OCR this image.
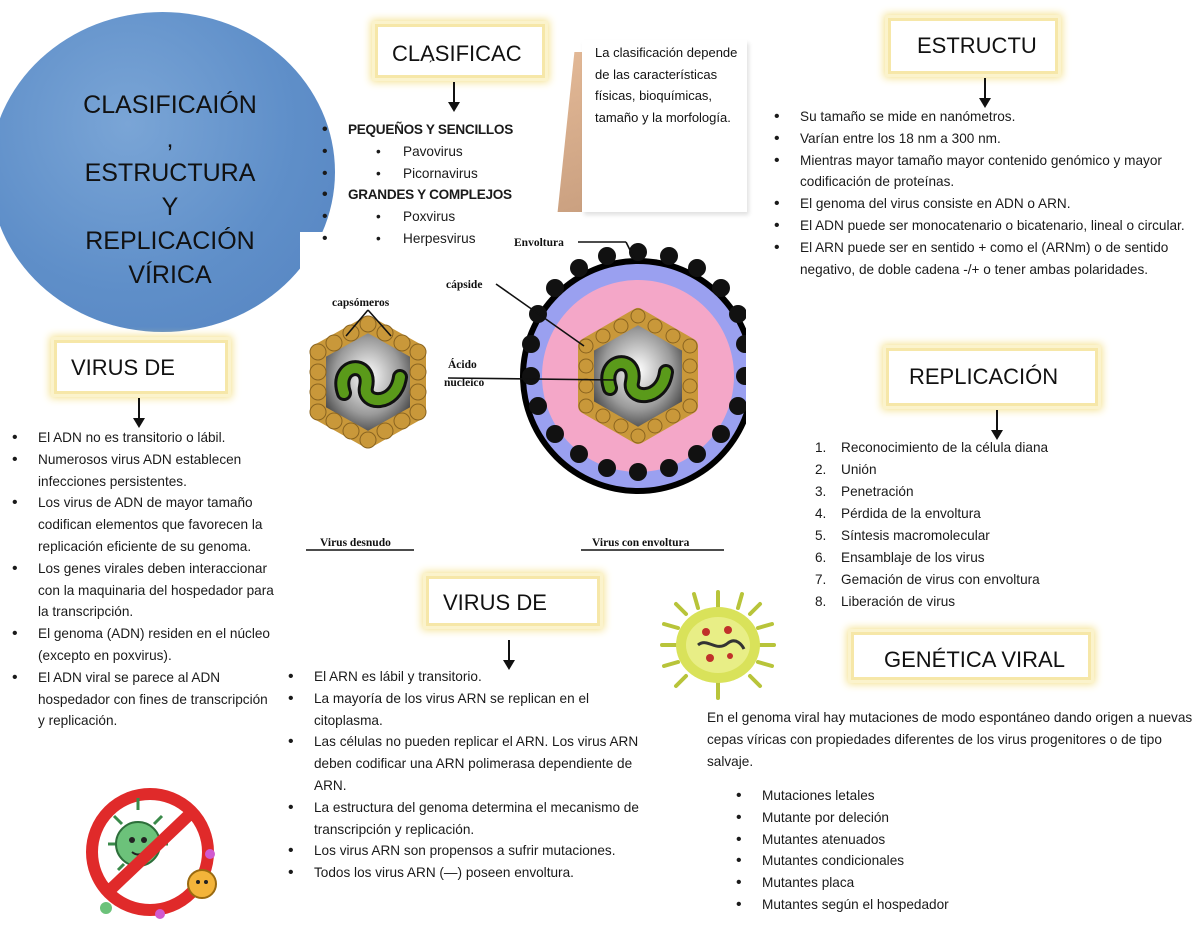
CLASIFICAIÓN
,
ESTRUCTURA
Y
REPLICACIÓN
VÍRICA
CLASIFICAC
• PEQUEÑOS Y SENCILLOS
• • Pavovirus
• • Picornavirus
• GRANDES Y COMPLEJOS
• • Poxvirus
• • Herpesvirus
La clasificación depende de las características físicas, bioquímicas, tamaño y la morfología.
ESTRUCTU
• Su tamaño se mide en nanómetros.
• Varían entre los 18 nm a 300 nm.
• Mientras mayor tamaño mayor contenido genómico y mayor codificación de proteínas.
• El genoma del virus consiste en ADN o ARN.
• El ADN puede ser monocatenario o bicatenario, lineal o circular.
• El ARN puede ser en sentido + como el (ARNm) o de sentido negativo, de doble cadena -/+ o tener ambas polaridades.
Envoltura
cápside
capsómeros
Ácido
nucleico
Virus desnudo	Virus con envoltura
VIRUS DE
• El ADN no es transitorio o lábil.
• Numerosos virus ADN establecen infecciones persistentes.
• Los virus de ADN de mayor tamaño codifican elementos que favorecen la replicación eficiente de su genoma.
• Los genes virales deben interaccionar con la maquinaria del hospedador para la transcripción.
• El genoma (ADN) residen en el núcleo (excepto en poxvirus).
• El ADN viral se parece al ADN hospedador con fines de transcripción y replicación.
VIRUS DE
• El ARN es lábil y transitorio.
• La mayoría de los virus ARN se replican en el citoplasma.
• Las células no pueden replicar el ARN. Los virus ARN deben codificar una ARN polimerasa dependiente de ARN.
• La estructura del genoma determina el mecanismo de transcripción y replicación.
• Los virus ARN son propensos a sufrir mutaciones.
• Todos los virus ARN (—) poseen envoltura.
REPLICACIÓN
1. Reconocimiento de la célula diana
2. Unión
3. Penetración
4. Pérdida de la envoltura
5. Síntesis macromolecular
6. Ensamblaje de los virus
7. Gemación de virus con envoltura
8. Liberación de virus
GENÉTICA VIRAL
En el genoma viral hay mutaciones de modo espontáneo dando origen a nuevas cepas víricas con propiedades diferentes de los virus progenitores o de tipo salvaje.
• Mutaciones letales
• Mutante por deleción
• Mutantes atenuados
• Mutantes condicionales
• Mutantes placa
• Mutantes según el hospedador
